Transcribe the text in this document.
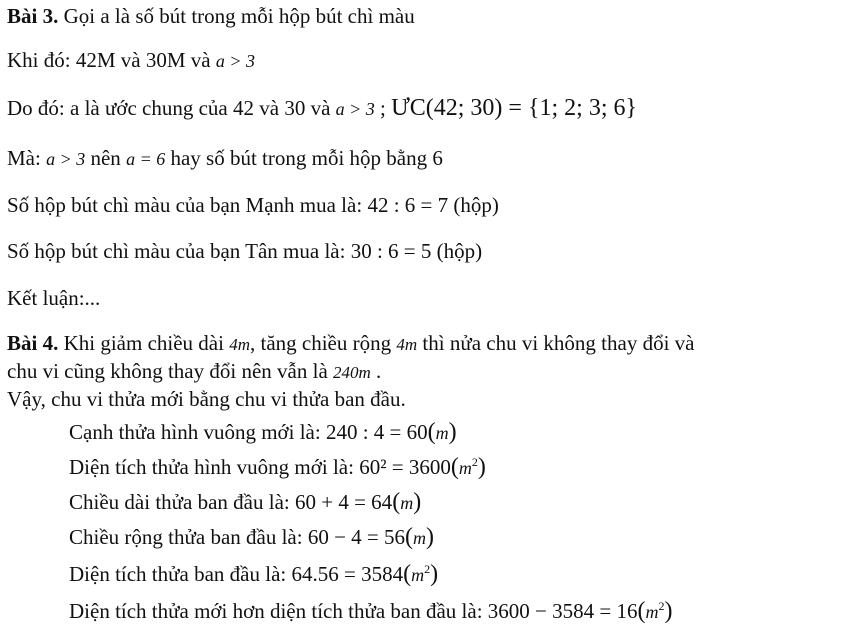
Bài 3. Gọi a là số bút trong mỗi hộp bút chì màu
Khi đó: 42M và 30M và a > 3
Do đó: a là ước chung của 42 và 30 và a > 3 ; ƯC(42; 30) = {1; 2; 3; 6}
Mà: a > 3 nên a = 6 hay số bút trong mỗi hộp bằng 6
Số hộp bút chì màu của bạn Mạnh mua là: 42 : 6 = 7 (hộp)
Số hộp bút chì màu của bạn Tân mua là: 30 : 6 = 5 (hộp)
Kết luận:...
Bài 4. Khi giảm chiều dài 4m, tăng chiều rộng 4m thì nửa chu vi không thay đổi và
chu vi cũng không thay đổi nên vẫn là 240m .
Vậy, chu vi thửa mới bằng chu vi thửa ban đầu.
Cạnh thửa hình vuông mới là: 240 : 4 = 60(m)
Diện tích thửa hình vuông mới là: $60^2 = 3600(m^2)$
Chiều dài thửa ban đầu là: 60 + 4 = 64(m)
Chiều rộng thửa ban đầu là: 60 − 4 = 56(m)
Diện tích thửa ban đầu là: $64.56 = 3584(m^2)$
Diện tích thửa mới hơn diện tích thửa ban đầu là: $3600 - 3584 = 16(m^2)$
